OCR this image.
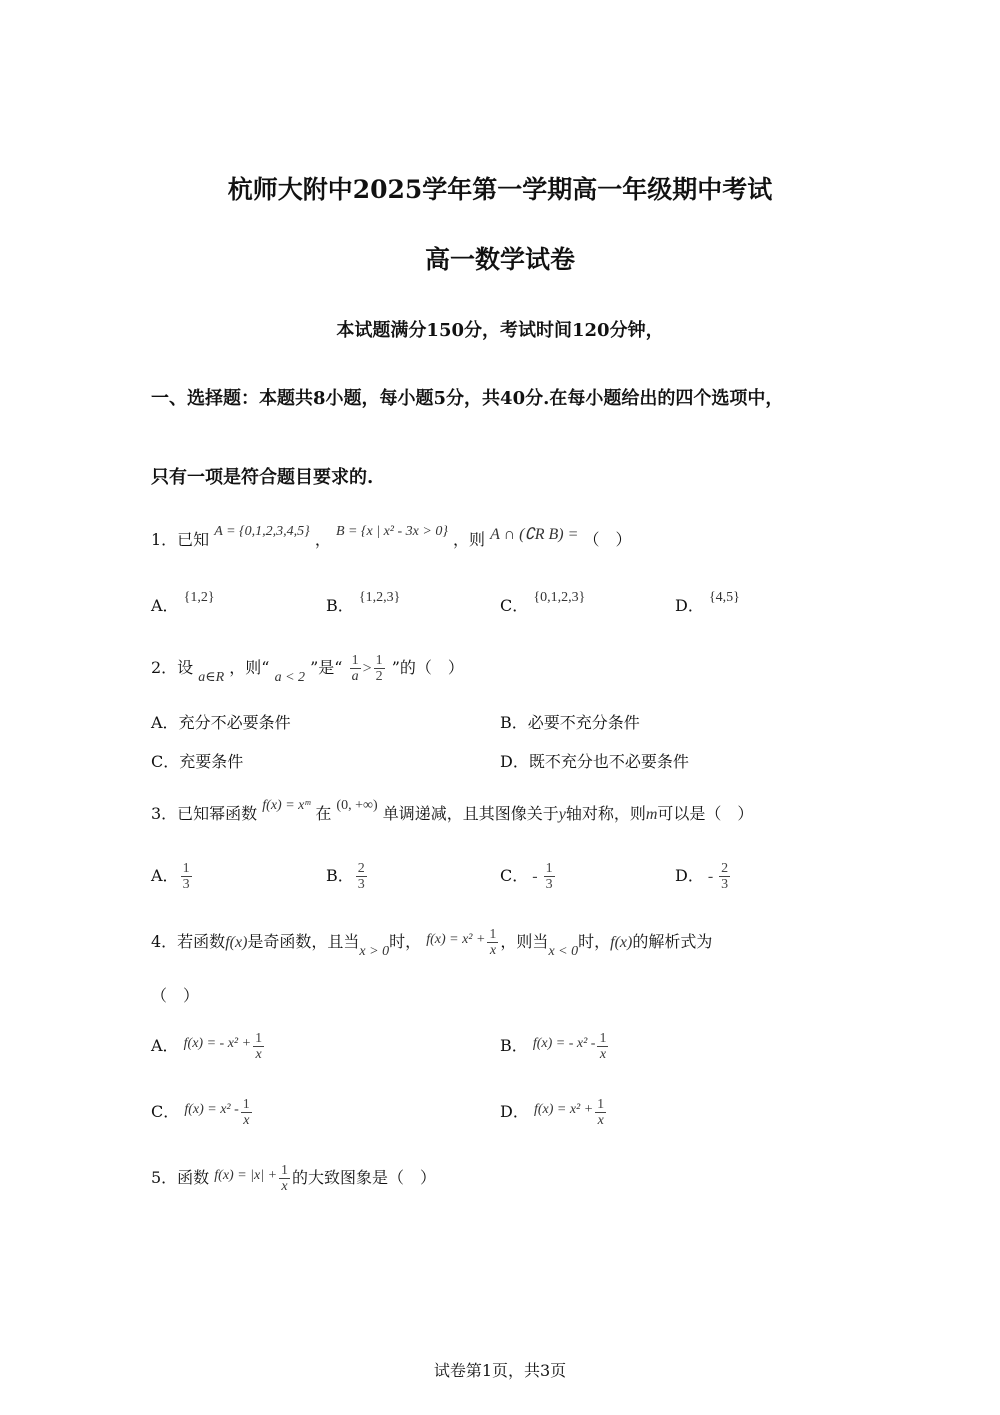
杭师大附中2025学年第一学期高一年级期中考试
高一数学试卷
本试题满分150分，考试时间120分钟，
一、选择题：本题共8小题，每小题5分，共40分.在每小题给出的四个选项中，
只有一项是符合题目要求的.
1．已知 A = {0,1,2,3,4,5} ， B = {x | x² - 3x > 0} ，则 A ∩ (∁R B) = （　）
A． {1,2}	B． {1,2,3}	C． {0,1,2,3}	D． {4,5}
2．设 a∈R ，则“ a < 2 ”是“ $\frac{1}{a} > \frac{1}{2}$ ”的（　）
A．充分不必要条件	B．必要不充分条件
C．充要条件	D．既不充分也不必要条件
3．已知幂函数 f(x) = xᵐ 在 (0, +∞) 单调递减，且其图像关于y轴对称，则m可以是（　）
A． $\frac{1}{3}$	B． $\frac{2}{3}$	C． - $\frac{1}{3}$	D． - $\frac{2}{3}$
4．若函数f(x)是奇函数，且当x > 0时， $f(x) = x^2 + \frac{1}{x}$ ，则当x < 0时，f(x)的解析式为
（　）
A． f(x) = - $x^2 + \frac{1}{x}$	B． f(x) = - $x^2 - \frac{1}{x}$
C． $f(x) = x^2 - \frac{1}{x}$	D． $f(x) = x^2 + \frac{1}{x}$
5．函数 $f(x) = |x| + \frac{1}{x}$ 的大致图象是（　）
试卷第1页，共3页
